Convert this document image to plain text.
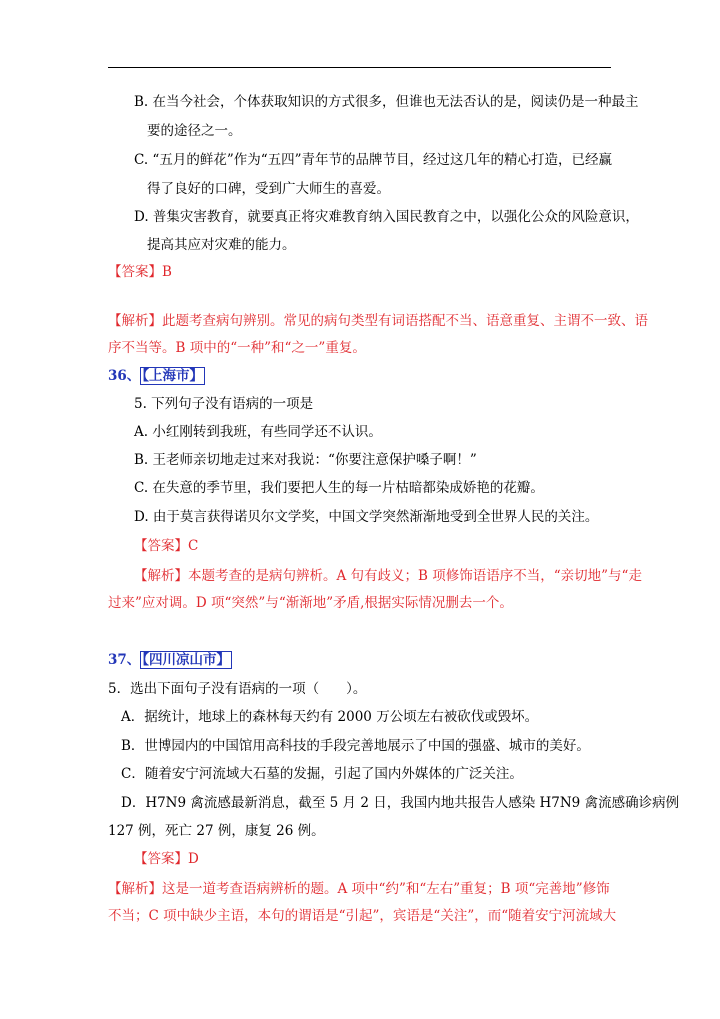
B. 在当今社会，个体获取知识的方式很多，但谁也无法否认的是，阅读仍是一种最主
要的途径之一。
C. “五月的鲜花”作为“五四”青年节的品牌节目，经过这几年的精心打造，已经赢
得了良好的口碑，受到广大师生的喜爱。
D. 普集灾害教育，就要真正将灾难教育纳入国民教育之中，以强化公众的风险意识，
提高其应对灾难的能力。
【答案】B
【解析】此题考查病句辨别。常见的病句类型有词语搭配不当、语意重复、主谓不一致、语
序不当等。B 项中的“一种”和“之一”重复。
36、 【上海市】
5. 下列句子没有语病的一项是
A. 小红刚转到我班，有些同学还不认识。
B. 王老师亲切地走过来对我说：“你要注意保护嗓子啊！”
C. 在失意的季节里，我们要把人生的每一片枯暗都染成娇艳的花瓣。
D. 由于莫言获得诺贝尔文学奖，中国文学突然渐渐地受到全世界人民的关注。
【答案】C
【解析】本题考查的是病句辨析。A 句有歧义；B 项修饰语语序不当，“亲切地”与“走
过来”应对调。D 项“突然”与“渐渐地”矛盾,根据实际情况删去一个。
37、 【四川凉山市】
5．选出下面句子没有语病的一项（　　）。
A．据统计，地球上的森林每天约有 2000 万公顷左右被砍伐或毁坏。
B．世博园内的中国馆用高科技的手段完善地展示了中国的强盛、城市的美好。
C．随着安宁河流域大石墓的发掘，引起了国内外媒体的广泛关注。
D．H7N9 禽流感最新消息，截至 5 月 2 日，我国内地共报告人感染 H7N9 禽流感确诊病例
127 例，死亡 27 例，康复 26 例。
【答案】D
【解析】这是一道考查语病辨析的题。A 项中“约”和“左右”重复；B 项“完善地”修饰
不当；C 项中缺少主语，本句的谓语是“引起”，宾语是“关注”，而“随着安宁河流域大
